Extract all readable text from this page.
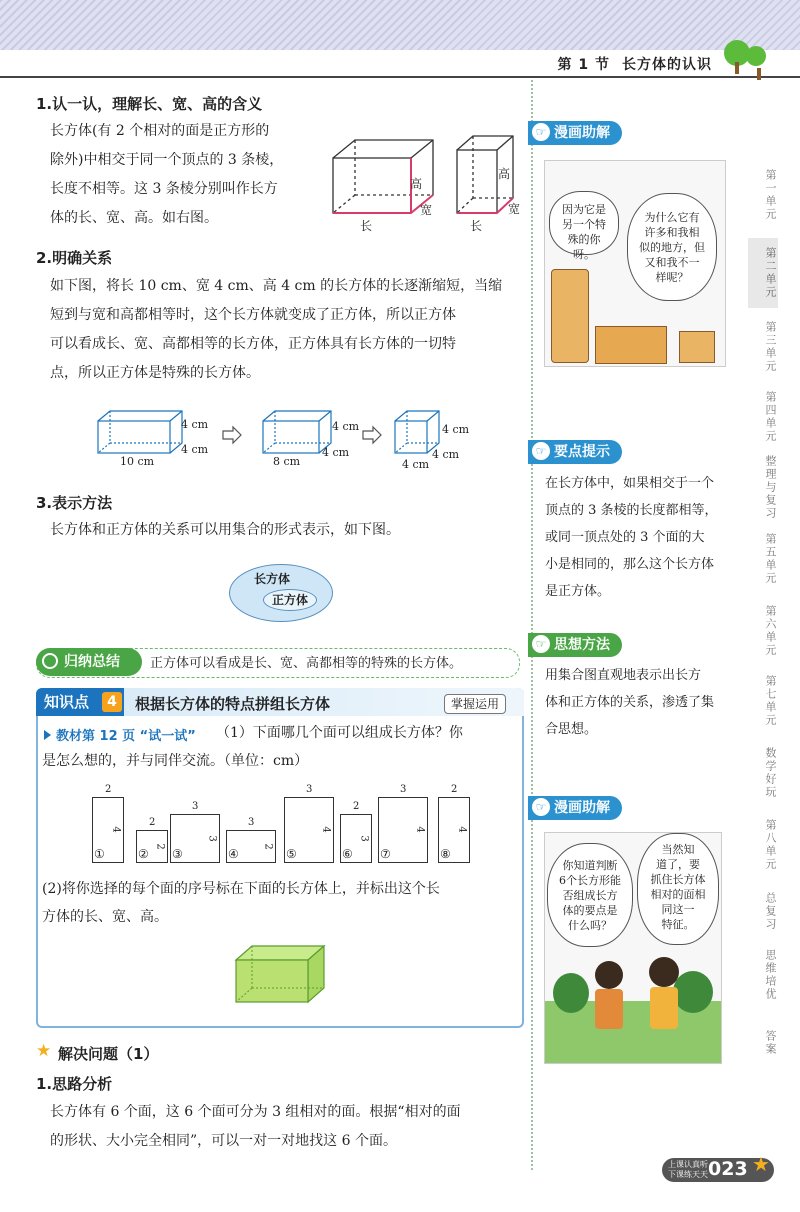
第 1 节 长方体的认识
1.认一认，理解长、宽、高的含义
长方体(有 2 个相对的面是正方形的
除外)中相交于同一个顶点的 3 条棱，
长度不相等。这 3 条棱分别叫作长方
体的长、宽、高。如右图。
高
宽
长
高
宽
长
2.明确关系
如下图，将长 10 cm、宽 4 cm、高 4 cm 的长方体的长逐渐缩短，当缩
短到与宽和高都相等时，这个长方体就变成了正方体，所以正方体
可以看成长、宽、高都相等的长方体，正方体具有长方体的一切特
点，所以正方体是特殊的长方体。
4 cm
4 cm
10 cm
4 cm
4 cm
8 cm
4 cm
4 cm
4 cm
3.表示方法
长方体和正方体的关系可以用集合的形式表示，如下图。
长方体
正方体
归纳总结	正方体可以看成是长、宽、高都相等的特殊的长方体。
知识点	4	根据长方体的特点拼组长方体	掌握运用
教材第 12 页 “试一试” （1）下面哪几个面可以组成长方体？你
是怎么想的，并与同伴交流。（单位：cm）
①
2
4
②
2
2
③
3
3
④
3
2
⑤
3
4
⑥
2
3
⑦
3
4
⑧
2
4
(2)将你选择的每个面的序号标在下面的长方体上，并标出这个长
方体的长、宽、高。
★ 解决问题（1）
1.思路分析
长方体有 6 个面，这 6 个面可分为 3 组相对的面。根据“相对的面
的形状、大小完全相同”，可以一对一对地找这 6 个面。
☞ 漫画助解
因为它是
另一个特
殊的你呀。
为什么它有
许多和我相
似的地方，但
又和我不一
样呢？
☞ 要点提示
在长方体中，如果相交于一个
顶点的 3 条棱的长度都相等，
或同一顶点处的 3 个面的大
小是相同的，那么这个长方体
是正方体。
☞ 思想方法
用集合图直观地表示出长方
体和正方体的关系，渗透了集
合思想。
☞ 漫画助解
你知道判断
6个长方形能
否组成长方
体的要点是
什么吗？
当然知
道了，要
抓住长方体
相对的面相
同这一
特征。
第一单元
第二单元
第三单元
第四单元
整理与复习
第五单元
第六单元
第七单元
数学好玩
第八单元
总复习
思维培优
答案
上课认真听
下课练天天 023 ★
